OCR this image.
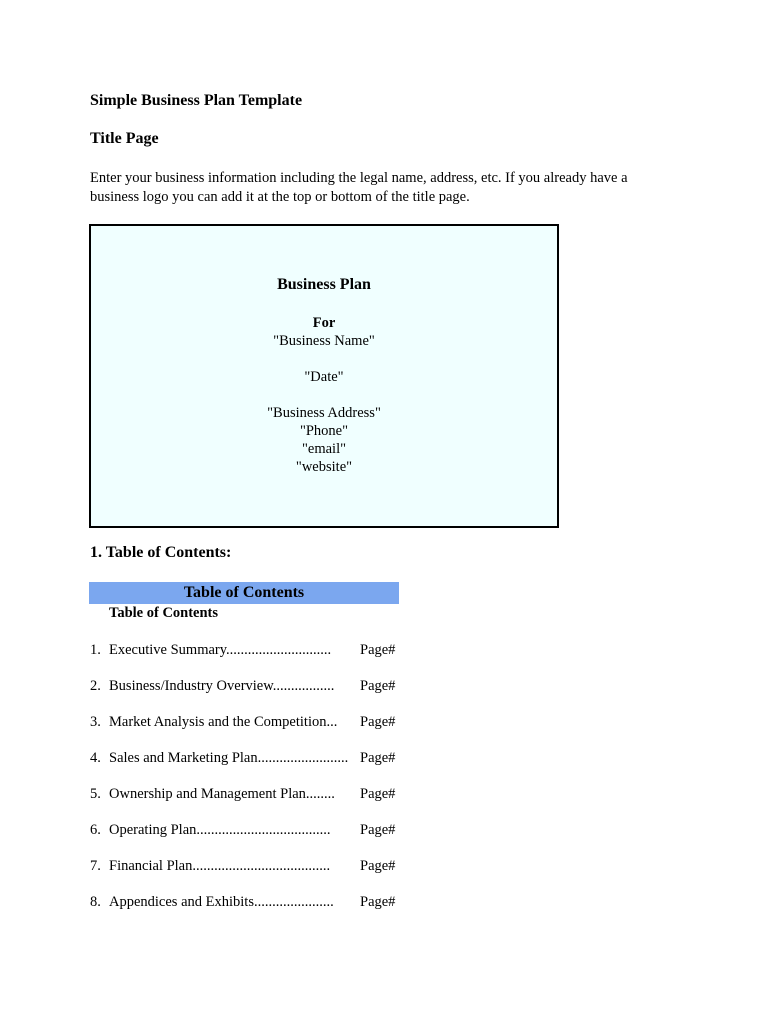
Simple Business Plan Template
Title Page
Enter your business information including the legal name, address, etc. If you already have a business logo you can add it at the top or bottom of the title page.
Business Plan
For
"Business Name"
"Date"
"Business Address"
"Phone"
"email"
"website"
1. Table of Contents:
Table of Contents
Table of Contents
1. Executive Summary.............................	Page#
2. Business/Industry Overview.................	Page#
3. Market Analysis and the Competition...	Page#
4. Sales and Marketing Plan......................... Page#
5. Ownership and Management Plan........	Page#
6. Operating Plan.....................................	Page#
7. Financial Plan......................................	Page#
8. Appendices and Exhibits......................	Page#
